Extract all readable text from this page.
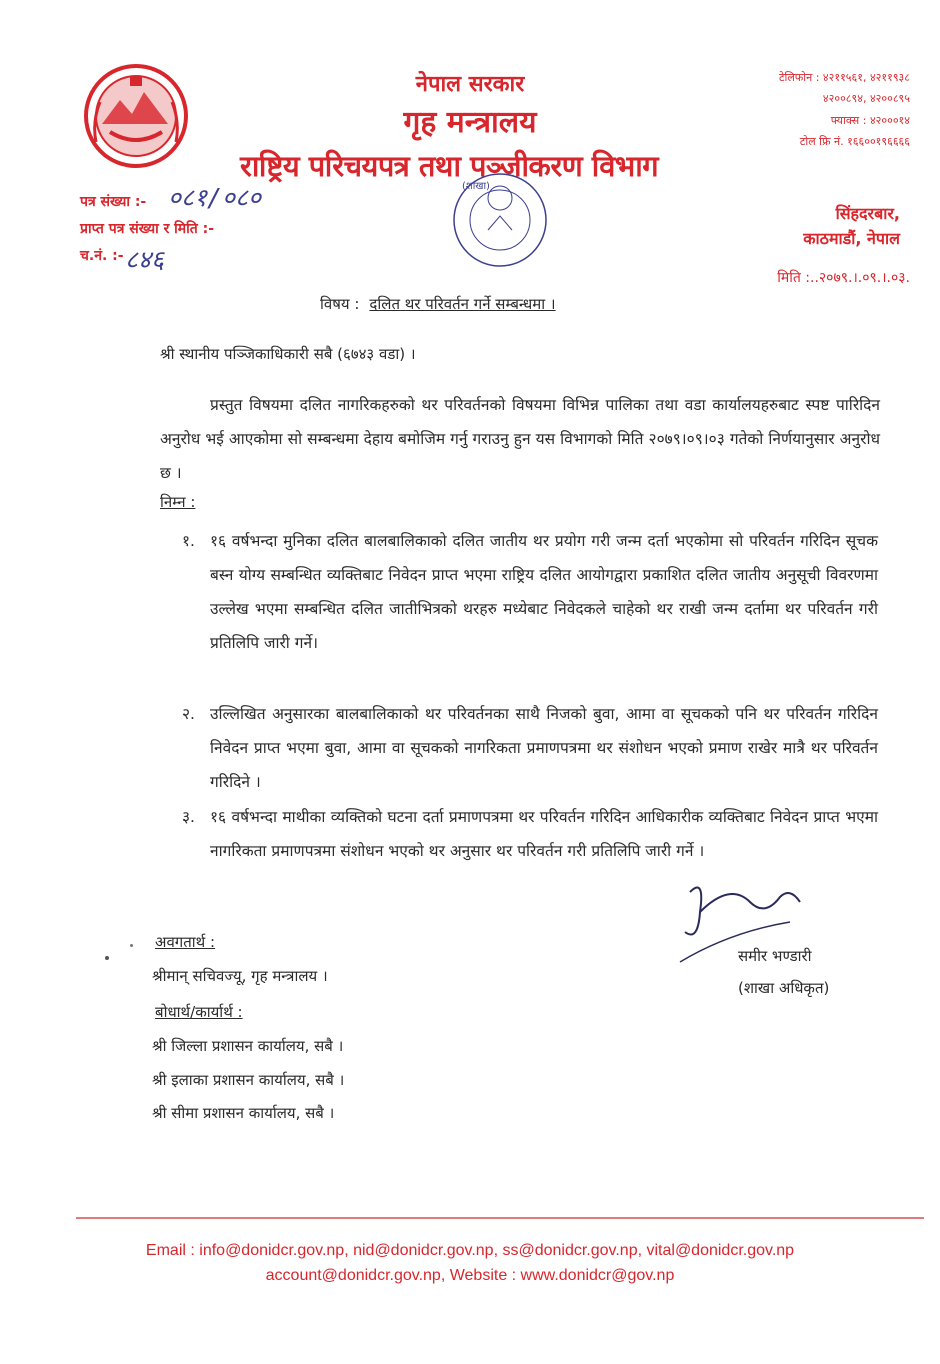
नेपाल सरकार
गृह मन्त्रालय
राष्ट्रिय परिचयपत्र तथा पञ्जीकरण विभाग
(शाखा)
टेलिफोन : ४२११५६१, ४२११९३८
४२००८९४, ४२००८९५
फ्याक्स : ४२०००१४
टोल फ्रि नं. १६६००१९६६६६
पत्र संख्या :- ०८१/०८०
प्राप्त पत्र संख्या र मिति :-
च.नं. :- ८४६
सिंहदरबार,
काठमाडौं, नेपाल
मिति :..२०७९.।.०९.।.०३.
विषय : दलित थर परिवर्तन गर्ने सम्बन्धमा ।
श्री स्थानीय पञ्जिकाधिकारी सबै (६७४३ वडा) ।

प्रस्तुत विषयमा दलित नागरिकहरुको थर परिवर्तनको विषयमा विभिन्न पालिका तथा वडा कार्यालयहरुबाट स्पष्ट पारिदिन अनुरोध भई आएकोमा सो सम्बन्धमा देहाय बमोजिम गर्नु गराउनु हुन यस विभागको मिति २०७९।०९।०३ गतेको निर्णयानुसार अनुरोध छ ।

निम्न :
१. १६ वर्षभन्दा मुनिका दलित बालबालिकाको दलित जातीय थर प्रयोग गरी जन्म दर्ता भएकोमा सो परिवर्तन गरिदिन सूचक बस्न योग्य सम्बन्धित व्यक्तिबाट निवेदन प्राप्त भएमा राष्ट्रिय दलित आयोगद्वारा प्रकाशित दलित जातीय अनुसूची विवरणमा उल्लेख भएमा सम्बन्धित दलित जातीभित्रको थरहरु मध्येबाट निवेदकले चाहेको थर राखी जन्म दर्तामा थर परिवर्तन गरी प्रतिलिपि जारी गर्ने।
२. उल्लिखित अनुसारका बालबालिकाको थर परिवर्तनका साथै निजको बुवा, आमा वा सूचकको पनि थर परिवर्तन गरिदिन निवेदन प्राप्त भएमा बुवा, आमा वा सूचकको नागरिकता प्रमाणपत्रमा थर संशोधन भएको प्रमाण राखेर मात्रै थर परिवर्तन गरिदिने ।
३. १६ वर्षभन्दा माथीका व्यक्तिको घटना दर्ता प्रमाणपत्रमा थर परिवर्तन गरिदिन आधिकारीक व्यक्तिबाट निवेदन प्राप्त भएमा नागरिकता प्रमाणपत्रमा संशोधन भएको थर अनुसार थर परिवर्तन गरी प्रतिलिपि जारी गर्ने ।
समीर भण्डारी
(शाखा अधिकृत)
अवगतार्थ :
श्रीमान् सचिवज्यू, गृह मन्त्रालय ।
बोधार्थ/कार्यार्थ :
श्री जिल्ला प्रशासन कार्यालय, सबै ।
श्री इलाका प्रशासन कार्यालय, सबै ।
श्री सीमा प्रशासन कार्यालय, सबै ।
Email : info@donidcr.gov.np, nid@donidcr.gov.np, ss@donidcr.gov.np, vital@donidcr.gov.np
account@donidcr.gov.np, Website : www.donidcr@gov.np
